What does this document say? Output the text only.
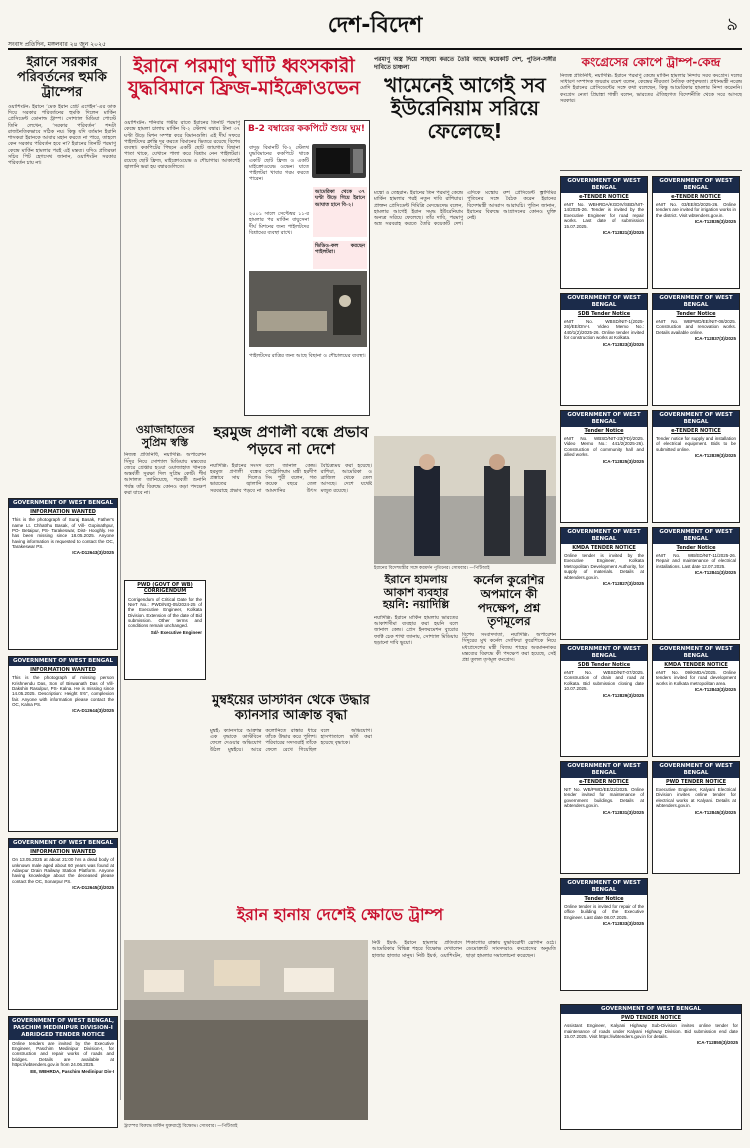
দেশ-বিদেশ	৯
সংবাদ প্রতিদিন, মঙ্গলবার ২৪ জুন ২০২৫
ইরানে সরকার পরিবর্তনের হুমকি ট্রাম্পের
ওয়াশিংটন: ইরানে ‘মেক ইরান গ্রেট এগেইন’-এর ডাক দিয়ে সরকার পরিবর্তনের হুমকি দিলেন মার্কিন প্রেসিডেন্ট ডোনাল্ড ট্রাম্প। সোশ্যাল মিডিয়া পোস্টে তিনি লেখেন, ‘সরকার পরিবর্তন’ শব্দটা রাজনৈতিকভাবে সঠিক নয়। কিন্তু যদি বর্তমান ইরানি শাসকরা ইরানকে আবার মহান করতে না পারে, তাহলে কেন সরকার পরিবর্তন হবে না? ইরানের তিনটি পরমাণু কেন্দ্রে মার্কিন হামলার পরই এই মন্তব্য। যদিও প্রতিরক্ষা সচিব পিট হেগসেথ জানান, ওয়াশিংটন সরকার পরিবর্তন চায় না।
ইরানে পরমাণু ঘাঁটি ধ্বংসকারী যুদ্ধবিমানে ফ্রিজ-মাইক্রোওভেন
ওয়াশিংটন: শনিবার গভীর রাতে ইরানের তিনটি পরমাণু কেন্দ্রে হামলা চালায় মার্কিন বি-২ স্টেলথ বম্বার। টানা ৩৭ ঘণ্টা উড়ে মিশন সম্পন্ন করে বিমানগুলি। এই দীর্ঘ সফরে পাইলটদের ক্লান্তি দূর করতে বিমানের ভিতরে রয়েছে বিশেষ ব্যবস্থা। ককপিটের পিছনে একটি ছোট জায়গায় বিছানা পাতা থাকে, যেখানে পালা করে বিশ্রাম নেন পাইলটরা। রয়েছে ছোট ফ্রিজ, মাইক্রোওয়েভ ও শৌচাগার। আকাশেই জ্বালানি ভরা হয় বম্বারগুলিতে।
B-2 বম্বারের ককপিটে শুয়ে ঘুম!
বাদুড় বিমানটি বি-২ স্টেলথ যুদ্ধবিমানের ককপিটে থাকে একটি ছোট ফ্রিজ ও একটি মাইক্রোওয়েভ ওভেন। যাতে পাইলটরা খাবার গরম করতে পারেন।
২০০১ সালে সেপ্টেম্বর ১১-র হামলার পর মার্কিন বায়ুসেনা দীর্ঘ মিশনের জন্য পাইলটদের বিশ্রামের ব্যবস্থা রাখে।
আমেরিকা থেকে ৩৭ ঘণ্টা উড়ে গিয়ে ইরানে আঘাত হানে বি-২।
ভিডিও-কল করছেন পাইলটরা।
পাইলটদের রাত্রির জন্য আছে বিছানা ও শৌচালয়ের ব্যবস্থা।
পরমাণু অস্ত্র দিয়ে সাহায্য করতে তৈরি আছে কয়েকটি দেশ, পুতিন-সঙ্গীর দাবিতে চাঞ্চল্য
খামেনেই আগেই সব ইউরেনিয়াম সরিয়ে ফেলেছে!
মস্কো ও তেহরান: ইরানের তিন পরমাণু কেন্দ্রে মার্কিন হামলার পরই নতুন দাবি রাশিয়ার। প্রাক্তন প্রেসিডেন্ট দিমিত্রি মেদভেদেভ বলেন, হামলার আগেই ইরান সমৃদ্ধ ইউরেনিয়াম অন্যত্র সরিয়ে ফেলেছে। তাঁর দাবি, পরমাণু অস্ত্র সরবরাহ করতে তৈরি কয়েকটি দেশ। এদিকে মস্কোয় রুশ প্রেসিডেন্ট ভ্লাদিমির পুতিনের সঙ্গে বৈঠক করেন ইরানের বিদেশমন্ত্রী আব্বাস আরাঘচি। পুতিন জানান, ইরানের বিরুদ্ধে আগ্রাসনের কোনও যুক্তি নেই।
ইরানের বিদেশমন্ত্রীর সঙ্গে করমর্দন পুতিনের। সোমবার। —পিটিআই
কংগ্রেসের কোপে ট্রাম্প-কেন্দ্র
নিজস্ব প্রতিনিধি, নয়াদিল্লি: ইরানে পরমাণু কেন্দ্রে মার্কিন হামলার নিন্দায় সরব কংগ্রেস। দলের সাধারণ সম্পাদক জয়রাম রমেশ বলেন, কেন্দ্রের নীরবতা নৈতিক কাপুরুষতা। প্রধানমন্ত্রী নরেন্দ্র মোদি ইরানের প্রেসিডেন্টের সঙ্গে কথা বলেছেন, কিন্তু আমেরিকার হামলার নিন্দা করেননি। কংগ্রেস নেতা প্রিয়াঙ্কা গান্ধী বলেন, ভারতের ঐতিহ্যগত বিদেশনীতি থেকে সরে আসছে সরকার।
ওয়াজাহাতের সুপ্রিম স্বস্তি
নিজস্ব প্রতিনিধি, নয়াদিল্লি: অপারেশন সিঁদুর নিয়ে সোশ্যাল মিডিয়ায় মন্তব্যের জেরে গ্রেপ্তার হওয়া ওয়াজাহাত খানকে অন্তর্বর্তী সুরক্ষা দিল সুপ্রিম কোর্ট। শীর্ষ আদালত জানিয়েছে, পরবর্তী শুনানি পর্যন্ত তাঁর বিরুদ্ধে কোনও কড়া পদক্ষেপ করা যাবে না।
হরমুজ প্রণালী বন্ধে প্রভাব পড়বে না দেশে
নয়াদিল্লি: ইরানের সংসদ হরমুজ প্রণালী বন্ধের প্রস্তাবে সায় দিলেও ভারতের জ্বালানি সরবরাহে প্রভাব পড়বে না বলে জানাল কেন্দ্র। পেট্রোলিয়াম মন্ত্রী হরদীপ সিং পুরী বলেন, গত কয়েক বছরে তেল আমদানির উৎস বৈচিত্র্যময় করা হয়েছে। রাশিয়া, আমেরিকা ও ব্রাজিল থেকে তেল আসছে। দেশে যথেষ্ট মজুত রয়েছে।
PWD (GOVT OF WB) CORRIGENDUM
Corrigendum of Critical Date for the NIeT No.: PWD/NIQ-05/2024-25 of the Executive Engineer, Kolkata Division. Extension of the date of Bid submission. Other terms and conditions remain unchanged.
Sd/- Executive Engineer
মুম্বইয়ের ডাস্টবিন থেকে উদ্ধার ক্যানসার আক্রান্ত বৃদ্ধা
মুম্বই: ক্যানসারে আক্রান্ত এক বৃদ্ধাকে ডাস্টবিনে ফেলে দেওয়ার অভিযোগ উঠল মুম্বইয়ে। আরে কলোনিতে রাস্তার ধারে তাঁকে উদ্ধার করে পুলিশ। পরিবারের সদস্যরাই তাঁকে ফেলে রেখে গিয়েছিল বলে অভিযোগ। হাসপাতালে ভর্তি করা হয়েছে বৃদ্ধাকে।
ইরানে হামলায় আকাশ ব্যবহার হয়নি: নয়াদিল্লি
নয়াদিল্লি: ইরানে মার্কিন হামলায় ভারতের আকাশসীমা ব্যবহার করা হয়নি বলে জানাল কেন্দ্র। প্রেস ইনফরমেশন ব্যুরোর ফ্যাক্ট চেক শাখা জানায়, সোশ্যাল মিডিয়ায় ছড়ানো দাবি ভুয়ো।
কর্নেল কুরেশির অপমানে কী পদক্ষেপ, প্রশ্ন তৃণমূলের
বিশেষ সংবাদদাতা, নয়াদিল্লি: অপারেশন সিঁদুরের মুখ কর্নেল সোফিয়া কুরেশিকে নিয়ে মধ্যপ্রদেশের মন্ত্রী বিজয় শাহের অবমাননাকর মন্তব্যের বিরুদ্ধে কী পদক্ষেপ করা হয়েছে, সেই প্রশ্ন তুলল তৃণমূল কংগ্রেস।
ইরান হানায় দেশেই ক্ষোভে ট্রাম্প
ট্রাম্পের বিরুদ্ধে মার্কিন যুক্তরাষ্ট্রে বিক্ষোভ। সোমবার। —পিটিআই
নিউ ইয়র্ক: ইরানে হামলার প্রতিবাদে আমেরিকার বিভিন্ন শহরে বিক্ষোভ দেখালেন হাজার হাজার মানুষ। নিউ ইয়র্ক, ওয়াশিংটন, শিকাগোর রাস্তায় যুদ্ধবিরোধী স্লোগান ওঠে। ডেমোক্র্যাট সাংসদরাও কংগ্রেসের অনুমতি ছাড়া হামলার সমালোচনা করেছেন।
GOVERNMENT OF WEST BENGAL
INFORMATION WANTED
This is the photograph of Suraj Basak, Father's name Lt. Chhatrhu Basak, of Vill- Gopinathpur, PO- Betaipur, PS- Tarakeswar, Dist- Hooghly. He has been missing since 18.05.2025. Anyone having information is requested to contact the OC, Tarakeswar PS.
ICA-D12643(3)/2025
GOVERNMENT OF WEST BENGAL
INFORMATION WANTED
This is the photograph of missing person Krishnendu Das, Son of Biswanath Das of Vill- Dakshin Rasulpur, PS- Kalna. He is missing since 14.05.2025. Description: Height 5'6", complexion fair. Anyone with information please contact the OC, Kalna PS.
ICA-D12644(3)/2025
GOVERNMENT OF WEST BENGAL
INFORMATION WANTED
On 13.05.2025 at about 21:00 hrs a dead body of unknown male aged about 60 years was found at Adavpur Drain Railway Station Platform. Anyone having knowledge about the deceased please contact the OC, Sonarpur PS.
ICA-D12645(3)/2025
GOVERNMENT OF WEST BENGAL, PASCHIM MEDINIPUR DIVISION-I ABRIDGED TENDER NOTICE
Online tenders are invited by the Executive Engineer, Paschim Medinipur Division-I, for construction and repair works of roads and bridges. Details are available at https://wbtenders.gov.in from 24.06.2025.
EE, WBHRDA, Paschim Medinipur Div-I
GOVERNMENT OF WEST BENGAL
e-TENDER NOTICE
eNIT No. WBHRDA/KGDIV/SBD/NIT-14/2025-26. Tender is invited by the Executive Engineer for road repair works. Last date of submission 15.07.2025.
ICA-T12821(3)/2025
GOVERNMENT OF WEST BENGAL
SDB Tender Notice
eNIT No. WBSD/NIT-1(2025-26)/EE/DIV-I. Video Memo No.: 440/1(2)/2025-26. Online tender invited for construction works at Kolkata.
ICA-T12823(3)/2025
GOVERNMENT OF WEST BENGAL
Tender Notice
eNIT No. WBSD/NIT-23(PD)/2025. Video Memo No.: 441/2(2025-26). Construction of community hall and allied works.
ICA-T12825(3)/2025
GOVERNMENT OF WEST BENGAL
KMDA TENDER NOTICE
Online tender is invited by the Executive Engineer, Kolkata Metropolitan Development Authority, for supply of materials. Details at wbtenders.gov.in.
ICA-T12827(3)/2025
GOVERNMENT OF WEST BENGAL
SDB Tender Notice
eNIT No. WBSD/NIT-07/2025. Construction of drain and road at Kolkata. Bid submission closing date 10.07.2025.
ICA-T12829(3)/2025
GOVERNMENT OF WEST BENGAL
e-TENDER NOTICE
NIT No. WB/PWD/EE/22/2025. Online tender invited for maintenance of government buildings. Details at wbtenders.gov.in.
ICA-T12831(3)/2025
GOVERNMENT OF WEST BENGAL
Tender Notice
Online tender is invited for repair of the office building of the Executive Engineer. Last date 08.07.2025.
ICA-T12833(3)/2025
GOVERNMENT OF WEST BENGAL
e-TENDER NOTICE
eNIT No. 03/EE/ID/2025-26. Online tenders are invited for irrigation works in the district. Visit wbtenders.gov.in.
ICA-T12835(3)/2025
GOVERNMENT OF WEST BENGAL
Tender Notice
eNIT No. WBPWD/EE/NIT-08/2025. Construction and renovation works. Details available online.
ICA-T12837(3)/2025
GOVERNMENT OF WEST BENGAL
e-TENDER NOTICE
Tender notice for supply and installation of electrical equipment. Bids to be submitted online.
ICA-T12839(3)/2025
GOVERNMENT OF WEST BENGAL
Tender Notice
eNIT No. WB/ED/NIT-11/2025-26. Repair and maintenance of electrical installations. Last date 12.07.2025.
ICA-T12841(3)/2025
GOVERNMENT OF WEST BENGAL
KMDA TENDER NOTICE
eNIT No. 09/KMDA/2025. Online tenders invited for road development works in Kolkata metropolitan area.
ICA-T12843(3)/2025
GOVERNMENT OF WEST BENGAL
PWD TENDER NOTICE
Executive Engineer, Kalyani Electrical Division invites online tender for electrical works at Kalyani. Details at wbtenders.gov.in.
ICA-T12845(3)/2025
GOVERNMENT OF WEST BENGAL
PWD TENDER NOTICE
Assistant Engineer, Kalyani Highway Sub-Division invites online tender for maintenance of roads under Kalyani Highway Division. Bid submission end date 15.07.2025. Visit https://wbtenders.gov.in for details.
ICA-T12850(3)/2025
